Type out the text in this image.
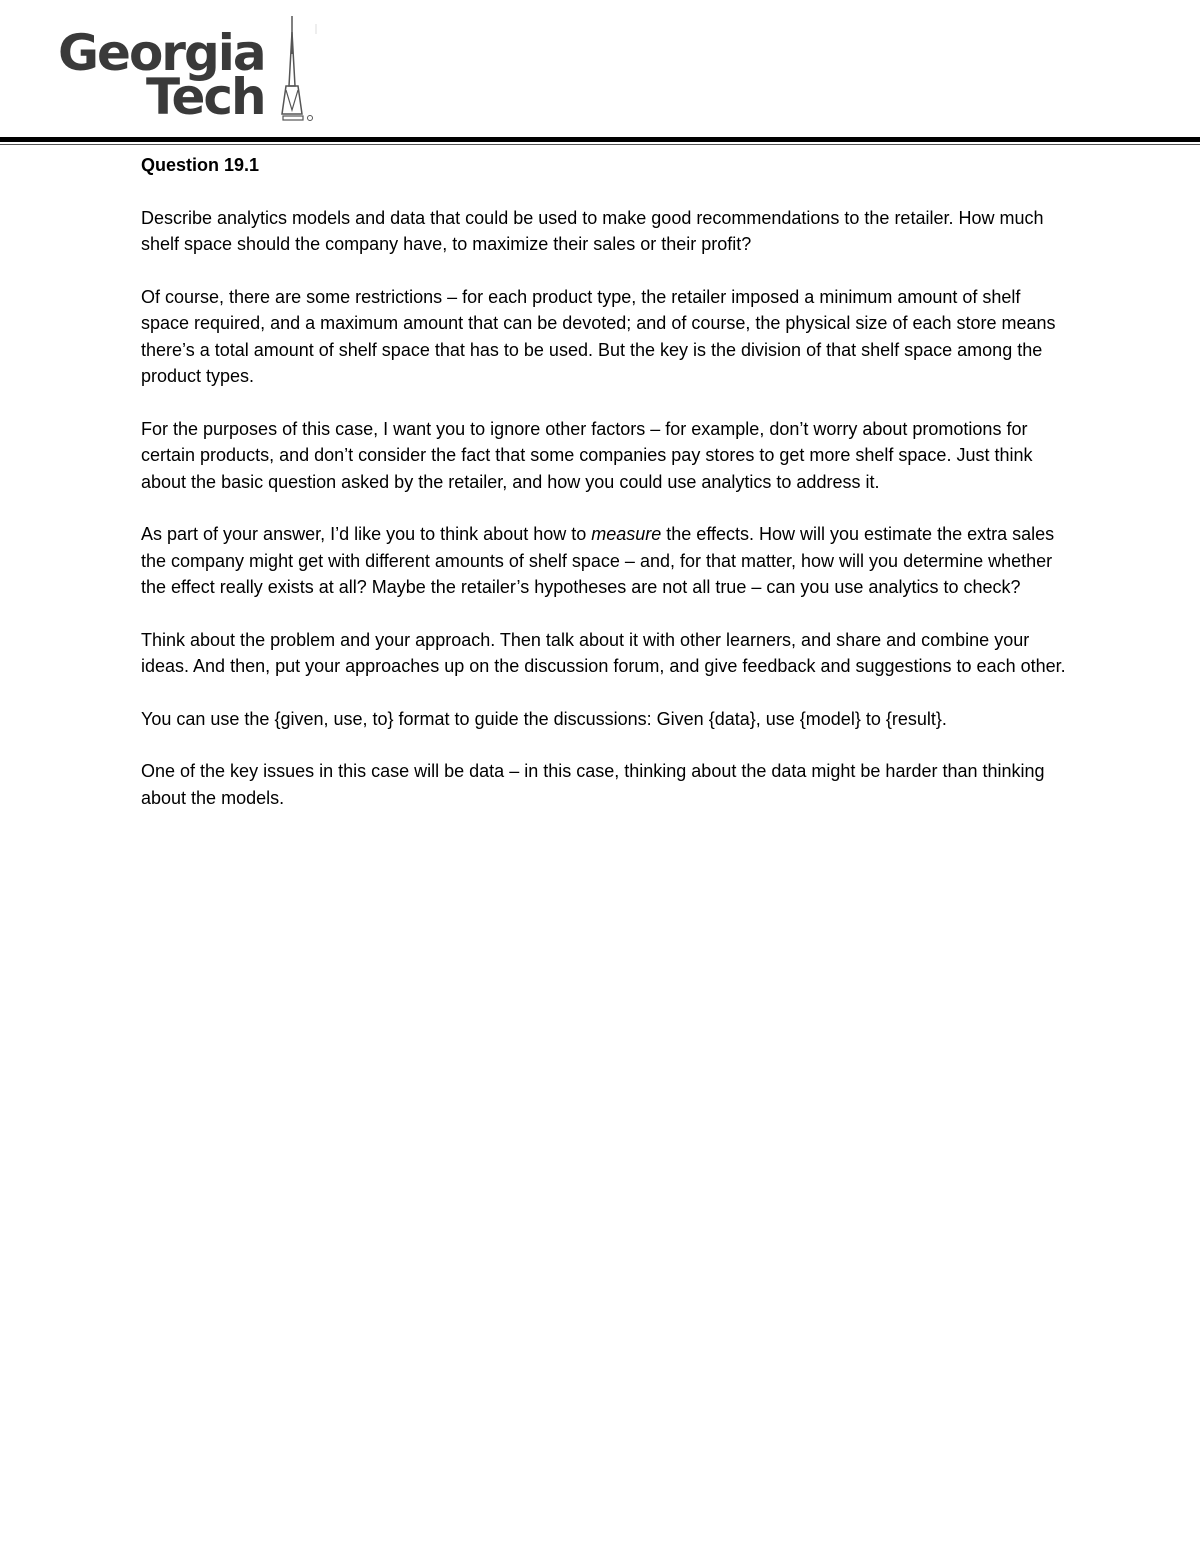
Georgia
Tech
Question 19.1

Describe analytics models and data that could be used to make good recommendations to the retailer. How much shelf space should the company have, to maximize their sales or their profit?

Of course, there are some restrictions – for each product type, the retailer imposed a minimum amount of shelf space required, and a maximum amount that can be devoted; and of course, the physical size of each store means there’s a total amount of shelf space that has to be used. But the key is the division of that shelf space among the product types.

For the purposes of this case, I want you to ignore other factors – for example, don’t worry about promotions for certain products, and don’t consider the fact that some companies pay stores to get more shelf space. Just think about the basic question asked by the retailer, and how you could use analytics to address it.

As part of your answer, I’d like you to think about how to measure the effects. How will you estimate the extra sales the company might get with different amounts of shelf space – and, for that matter, how will you determine whether the effect really exists at all? Maybe the retailer’s hypotheses are not all true – can you use analytics to check?

Think about the problem and your approach. Then talk about it with other learners, and share and combine your ideas. And then, put your approaches up on the discussion forum, and give feedback and suggestions to each other.

You can use the {given, use, to} format to guide the discussions: Given {data}, use {model} to {result}.

One of the key issues in this case will be data – in this case, thinking about the data might be harder than thinking about the models.
